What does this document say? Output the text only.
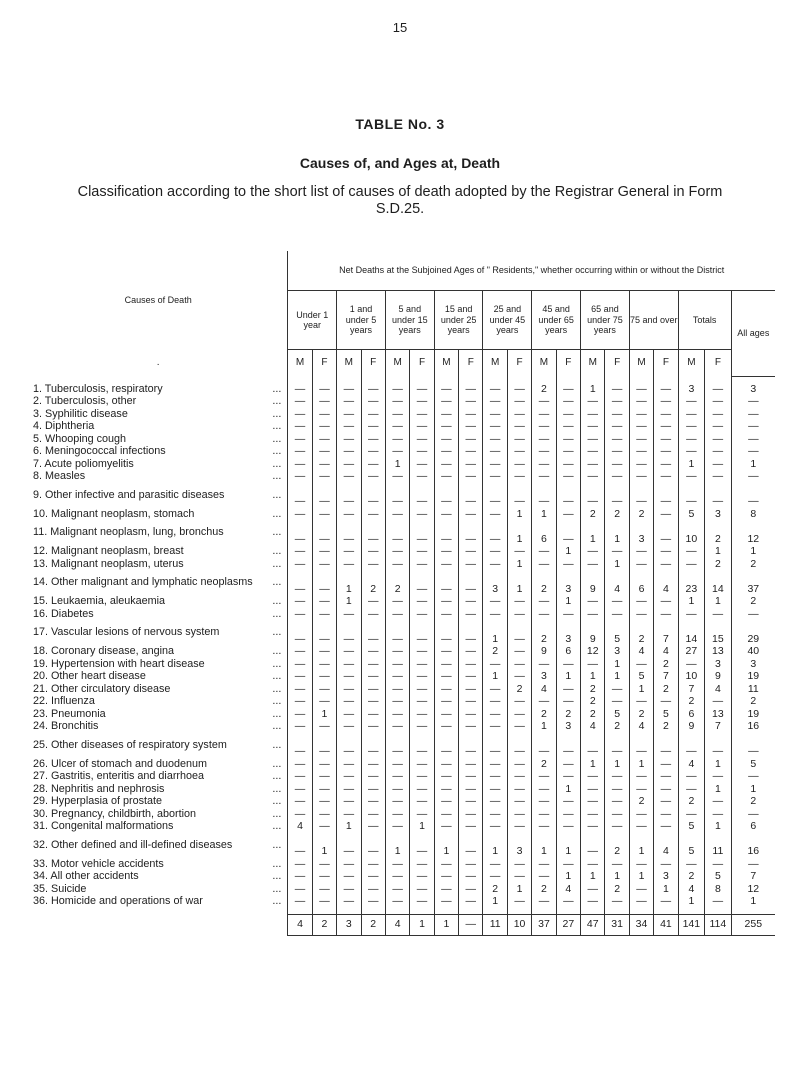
15
TABLE No. 3
Causes of, and Ages at, Death
Classification according to the short list of causes of death adopted by the Registrar General in Form S.D.25.
Causes of Death	Net Deaths at the Subjoined Ages of " Residents," whether occurring within or without the District																		
	Under 1 year		1 and under 5 years		5 and under 15 years		15 and under 25 years		25 and under 45 years		45 and under 65 years		65 and under 75 years		75 and over		Totals		All ages
.	M	F	M	F	M	F	M	F	M	F	M	F	M	F	M	F	M	F	

1. Tuberculosis, respiratory ...	—	—	—	—	—	—	—	—	—	—	2	—	1	—	—	—	3	—	3
2. Tuberculosis, other ...	—	—	—	—	—	—	—	—	—	—	—	—	—	—	—	—	—	—	—
3. Syphilitic disease ...	—	—	—	—	—	—	—	—	—	—	—	—	—	—	—	—	—	—	—
4. Diphtheria ...	—	—	—	—	—	—	—	—	—	—	—	—	—	—	—	—	—	—	—
5. Whooping cough ...	—	—	—	—	—	—	—	—	—	—	—	—	—	—	—	—	—	—	—
6. Meningococcal infections ...	—	—	—	—	—	—	—	—	—	—	—	—	—	—	—	—	—	—	—
7. Acute poliomyelitis ...	—	—	—	—	1	—	—	—	—	—	—	—	—	—	—	—	1	—	1
8. Measles ...	—	—	—	—	—	—	—	—	—	—	—	—	—	—	—	—	—	—	—
9. Other infective and parasitic diseases ...	—	—	—	—	—	—	—	—	—	—	—	—	—	—	—	—	—	—	—
10. Malignant neoplasm, stomach ...	—	—	—	—	—	—	—	—	—	1	1	—	2	2	2	—	5	3	8
11. Malignant neoplasm, lung, bronchus ...	—	—	—	—	—	—	—	—	—	1	6	—	1	1	3	—	10	2	12
12. Malignant neoplasm, breast ...	—	—	—	—	—	—	—	—	—	—	—	1	—	—	—	—	—	1	1
13. Malignant neoplasm, uterus ...	—	—	—	—	—	—	—	—	—	1	—	—	—	1	—	—	—	2	2
14. Other malignant and lymphatic neoplasms ...	—	—	1	2	2	—	—	—	3	1	2	3	9	4	6	4	23	14	37
15. Leukaemia, aleukaemia ...	—	—	1	—	—	—	—	—	—	—	—	1	—	—	—	—	1	1	2
16. Diabetes ...	—	—	—	—	—	—	—	—	—	—	—	—	—	—	—	—	—	—	—
17. Vascular lesions of nervous system ...	—	—	—	—	—	—	—	—	1	—	2	3	9	5	2	7	14	15	29
18. Coronary disease, angina ...	—	—	—	—	—	—	—	—	2	—	9	6	12	3	4	4	27	13	40
19. Hypertension with heart disease ...	—	—	—	—	—	—	—	—	—	—	—	—	—	1	—	2	—	3	3
20. Other heart disease ...	—	—	—	—	—	—	—	—	1	—	3	1	1	1	5	7	10	9	19
21. Other circulatory disease ...	—	—	—	—	—	—	—	—	—	2	4	—	2	—	1	2	7	4	11
22. Influenza ...	—	—	—	—	—	—	—	—	—	—	—	—	2	—	—	—	2	—	2
23. Pneumonia ...	—	1	—	—	—	—	—	—	—	—	2	2	2	5	2	5	6	13	19
24. Bronchitis ...	—	—	—	—	—	—	—	—	—	—	1	3	4	2	4	2	9	7	16
25. Other diseases of respiratory system ...	—	—	—	—	—	—	—	—	—	—	—	—	—	—	—	—	—	—	—
26. Ulcer of stomach and duodenum ...	—	—	—	—	—	—	—	—	—	—	2	—	1	1	1	—	4	1	5
27. Gastritis, enteritis and diarrhoea ...	—	—	—	—	—	—	—	—	—	—	—	—	—	—	—	—	—	—	—
28. Nephritis and nephrosis ...	—	—	—	—	—	—	—	—	—	—	—	1	—	—	—	—	—	1	1
29. Hyperplasia of prostate ...	—	—	—	—	—	—	—	—	—	—	—	—	—	—	2	—	2	—	2
30. Pregnancy, childbirth, abortion ...	—	—	—	—	—	—	—	—	—	—	—	—	—	—	—	—	—	—	—
31. Congenital malformations ...	4	—	1	—	—	1	—	—	—	—	—	—	—	—	—	—	5	1	6
32. Other defined and ill-defined diseases ...	—	1	—	—	1	—	1	—	1	3	1	1	—	2	1	4	5	11	16
33. Motor vehicle accidents ...	—	—	—	—	—	—	—	—	—	—	—	—	—	—	—	—	—	—	—
34. All other accidents ...	—	—	—	—	—	—	—	—	—	—	—	1	1	1	1	3	2	5	7
35. Suicide ...	—	—	—	—	—	—	—	—	2	1	2	4	—	2	—	1	4	8	12
36. Homicide and operations of war ...	—	—	—	—	—	—	—	—	1	—	—	—	—	—	—	—	1	—	1

	4	2	3	2	4	1	1	—	11	10	37	27	47	31	34	41	141	114	255
